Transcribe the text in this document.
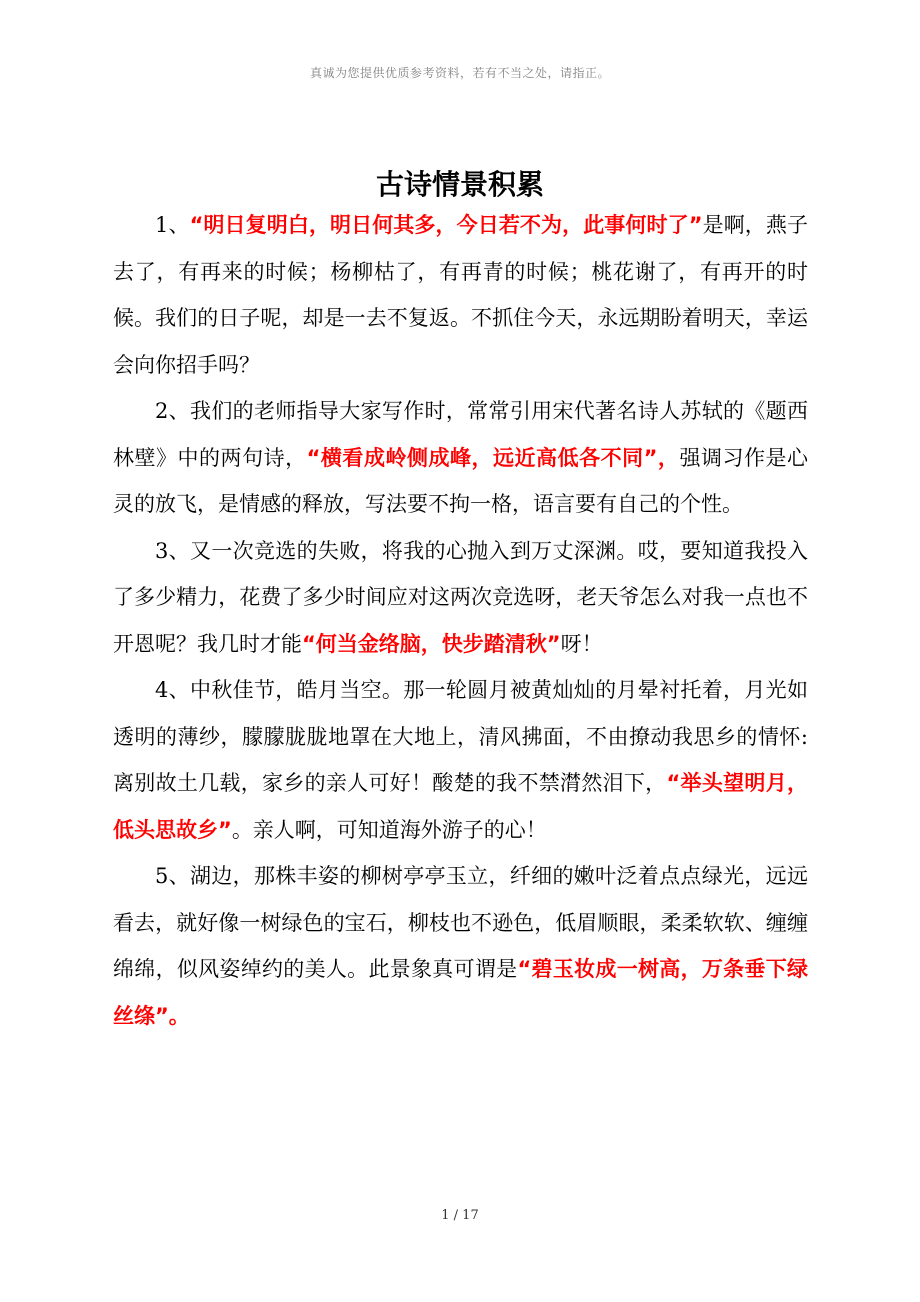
真诚为您提供优质参考资料，若有不当之处，请指正。
古诗情景积累

1、“明日复明白，明日何其多，今日若不为，此事何时了”是啊，燕子去了，有再来的时候；杨柳枯了，有再青的时候；桃花谢了，有再开的时候。我们的日子呢，却是一去不复返。不抓住今天，永远期盼着明天，幸运会向你招手吗？

2、我们的老师指导大家写作时，常常引用宋代著名诗人苏轼的《题西林壁》中的两句诗，“横看成岭侧成峰，远近高低各不同”，强调习作是心灵的放飞，是情感的释放，写法要不拘一格，语言要有自己的个性。

3、又一次竞选的失败，将我的心抛入到万丈深渊。哎，要知道我投入了多少精力，花费了多少时间应对这两次竞选呀，老天爷怎么对我一点也不开恩呢？我几时才能“何当金络脑，快步踏清秋”呀！

4、中秋佳节，皓月当空。那一轮圆月被黄灿灿的月晕衬托着，月光如透明的薄纱，朦朦胧胧地罩在大地上，清风拂面，不由撩动我思乡的情怀:离别故土几载，家乡的亲人可好！酸楚的我不禁潸然泪下，“举头望明月，低头思故乡”。亲人啊，可知道海外游子的心！

5、湖边，那株丰姿的柳树亭亭玉立，纤细的嫩叶泛着点点绿光，远远看去，就好像一树绿色的宝石，柳枝也不逊色，低眉顺眼，柔柔软软、缠缠绵绵，似风姿绰约的美人。此景象真可谓是“碧玉妆成一树高，万条垂下绿丝绦”。

1 / 17
